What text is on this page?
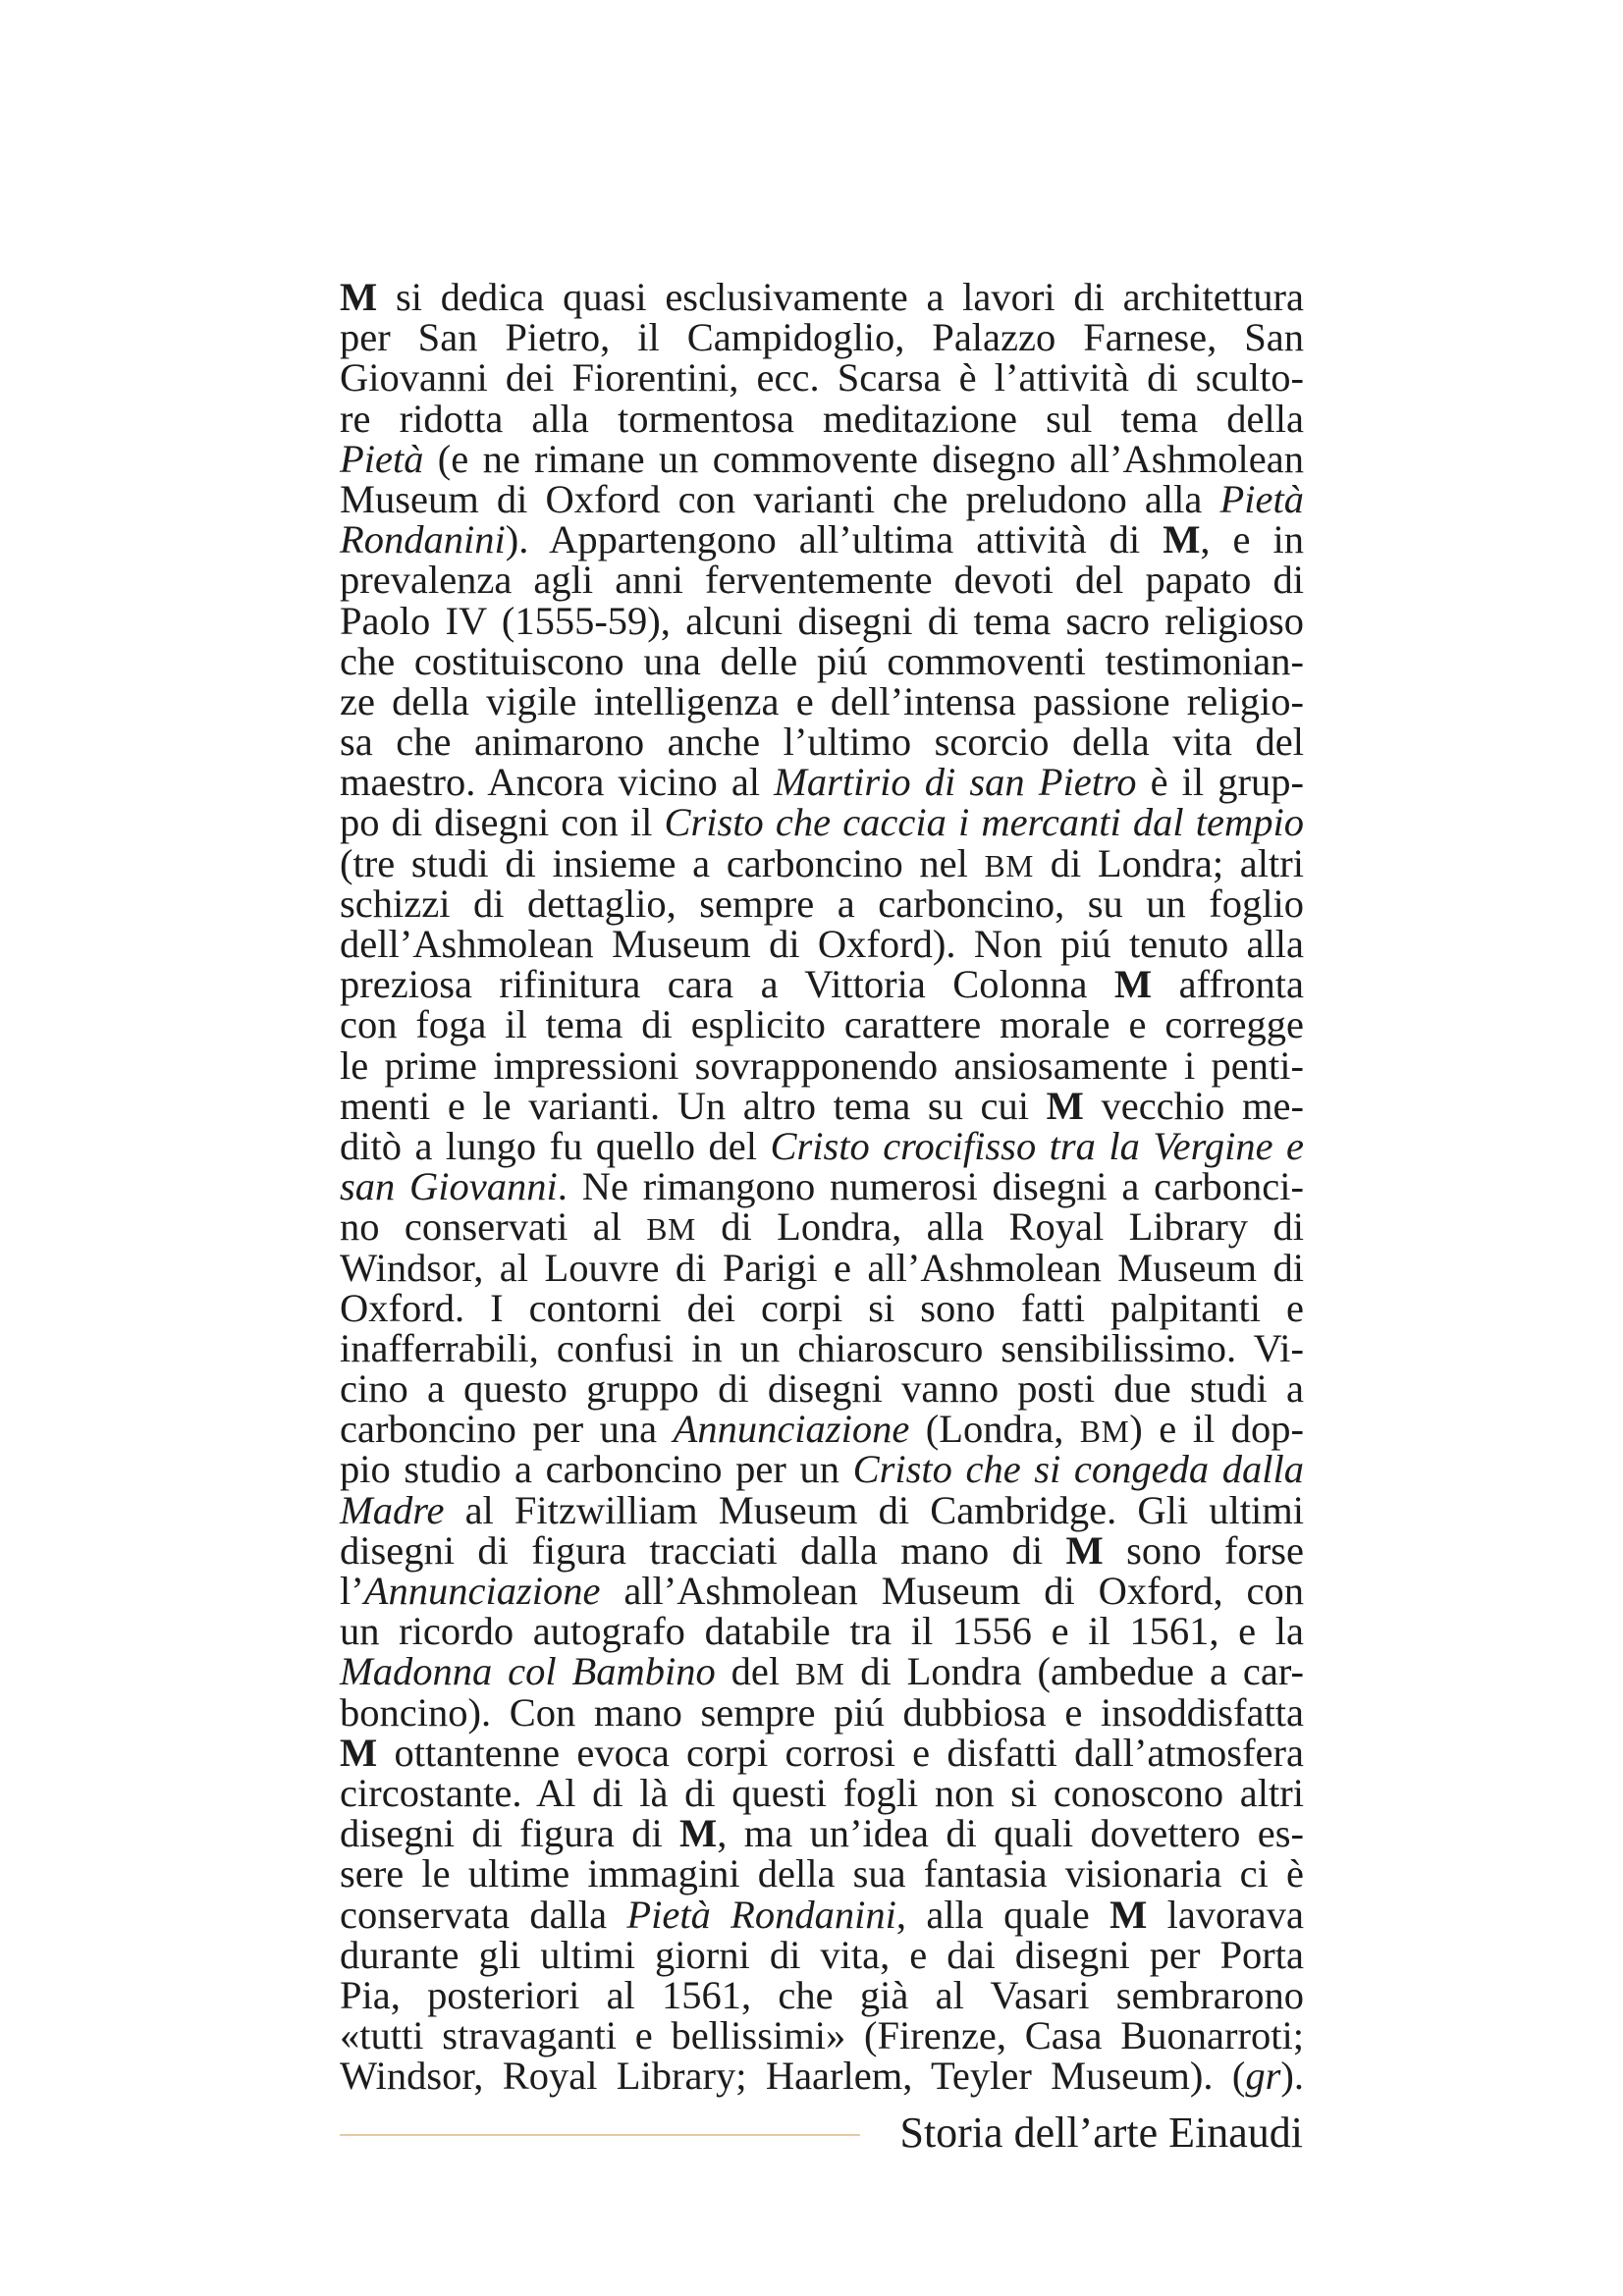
M si dedica quasi esclusivamente a lavori di architettura
per San Pietro, il Campidoglio, Palazzo Farnese, San
Giovanni dei Fiorentini, ecc. Scarsa è l’attività di sculto-
re ridotta alla tormentosa meditazione sul tema della
Pietà (e ne rimane un commovente disegno all’Ashmolean
Museum di Oxford con varianti che preludono alla Pietà
Rondanini). Appartengono all’ultima attività di M, e in
prevalenza agli anni ferventemente devoti del papato di
Paolo IV (1555-59), alcuni disegni di tema sacro religioso
che costituiscono una delle piú commoventi testimonian-
ze della vigile intelligenza e dell’intensa passione religio-
sa che animarono anche l’ultimo scorcio della vita del
maestro. Ancora vicino al Martirio di san Pietro è il grup-
po di disegni con il Cristo che caccia i mercanti dal tempio
(tre studi di insieme a carboncino nel BM di Londra; altri
schizzi di dettaglio, sempre a carboncino, su un foglio
dell’Ashmolean Museum di Oxford). Non piú tenuto alla
preziosa rifinitura cara a Vittoria Colonna M affronta
con foga il tema di esplicito carattere morale e corregge
le prime impressioni sovrapponendo ansiosamente i penti-
menti e le varianti. Un altro tema su cui M vecchio me-
ditò a lungo fu quello del Cristo crocifisso tra la Vergine e
san Giovanni. Ne rimangono numerosi disegni a carbonci-
no conservati al BM di Londra, alla Royal Library di
Windsor, al Louvre di Parigi e all’Ashmolean Museum di
Oxford. I contorni dei corpi si sono fatti palpitanti e
inafferrabili, confusi in un chiaroscuro sensibilissimo. Vi-
cino a questo gruppo di disegni vanno posti due studi a
carboncino per una Annunciazione (Londra, BM) e il dop-
pio studio a carboncino per un Cristo che si congeda dalla
Madre al Fitzwilliam Museum di Cambridge. Gli ultimi
disegni di figura tracciati dalla mano di M sono forse
l’Annunciazione all’Ashmolean Museum di Oxford, con
un ricordo autografo databile tra il 1556 e il 1561, e la
Madonna col Bambino del BM di Londra (ambedue a car-
boncino). Con mano sempre piú dubbiosa e insoddisfatta
M ottantenne evoca corpi corrosi e disfatti dall’atmosfera
circostante. Al di là di questi fogli non si conoscono altri
disegni di figura di M, ma un’idea di quali dovettero es-
sere le ultime immagini della sua fantasia visionaria ci è
conservata dalla Pietà Rondanini, alla quale M lavorava
durante gli ultimi giorni di vita, e dai disegni per Porta
Pia, posteriori al 1561, che già al Vasari sembrarono
«tutti stravaganti e bellissimi» (Firenze, Casa Buonarroti;
Windsor, Royal Library; Haarlem, Teyler Museum). (gr).
Storia dell’arte Einaudi
